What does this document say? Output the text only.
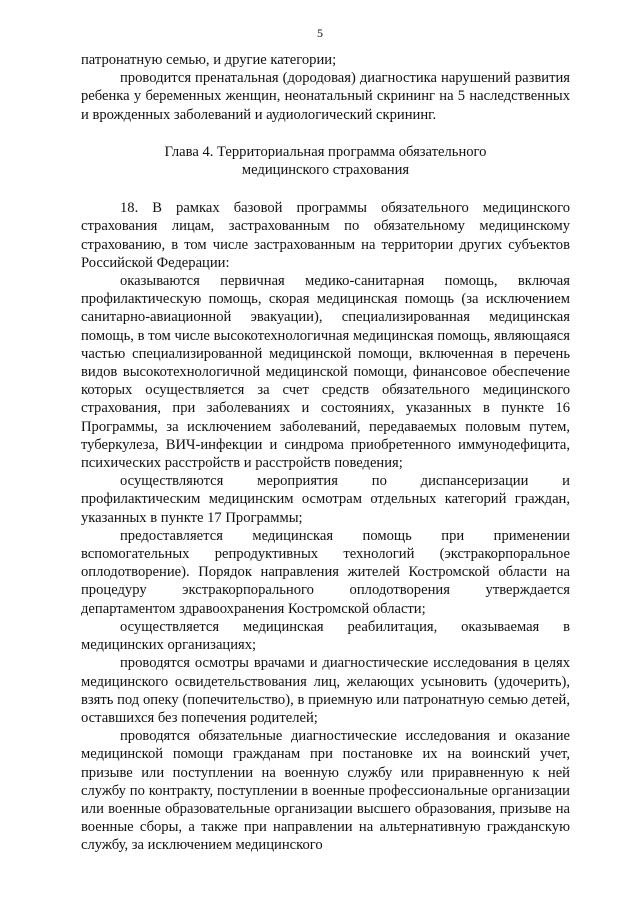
5

патронатную семью, и другие категории;

проводится пренатальная (дородовая) диагностика нарушений развития ребенка у беременных женщин, неонатальный скрининг на 5 наследственных и врожденных заболеваний и аудиологический скрининг.

Глава 4. Территориальная программа обязательного
медицинского страхования

18. В рамках базовой программы обязательного медицинского страхования лицам, застрахованным по обязательному медицинскому страхованию, в том числе застрахованным на территории других субъектов Российской Федерации:

оказываются первичная медико-санитарная помощь, включая профилактическую помощь, скорая медицинская помощь (за исключением санитарно-авиационной эвакуации), специализированная медицинская помощь, в том числе высокотехнологичная медицинская помощь, являющаяся частью специализированной медицинской помощи, включенная в перечень видов высокотехнологичной медицинской помощи, финансовое обеспечение которых осуществляется за счет средств обязательного медицинского страхования, при заболеваниях и состояниях, указанных в пункте 16 Программы, за исключением заболеваний, передаваемых половым путем, туберкулеза, ВИЧ-инфекции и синдрома приобретенного иммунодефицита, психических расстройств и расстройств поведения;

осуществляются мероприятия по диспансеризации и профилактическим медицинским осмотрам отдельных категорий граждан, указанных в пункте 17 Программы;

предоставляется медицинская помощь при применении вспомогательных репродуктивных технологий (экстракорпоральное оплодотворение). Порядок направления жителей Костромской области на процедуру экстракорпорального оплодотворения утверждается департаментом здравоохранения Костромской области;

осуществляется медицинская реабилитация, оказываемая в медицинских организациях;

проводятся осмотры врачами и диагностические исследования в целях медицинского освидетельствования лиц, желающих усыновить (удочерить), взять под опеку (попечительство), в приемную или патронатную семью детей, оставшихся без попечения родителей;

проводятся обязательные диагностические исследования и оказание медицинской помощи гражданам при постановке их на воинский учет, призыве или поступлении на военную службу или приравненную к ней службу по контракту, поступлении в военные профессиональные организации или военные образовательные организации высшего образования, призыве на военные сборы, а также при направлении на альтернативную гражданскую службу, за исключением медицинского
